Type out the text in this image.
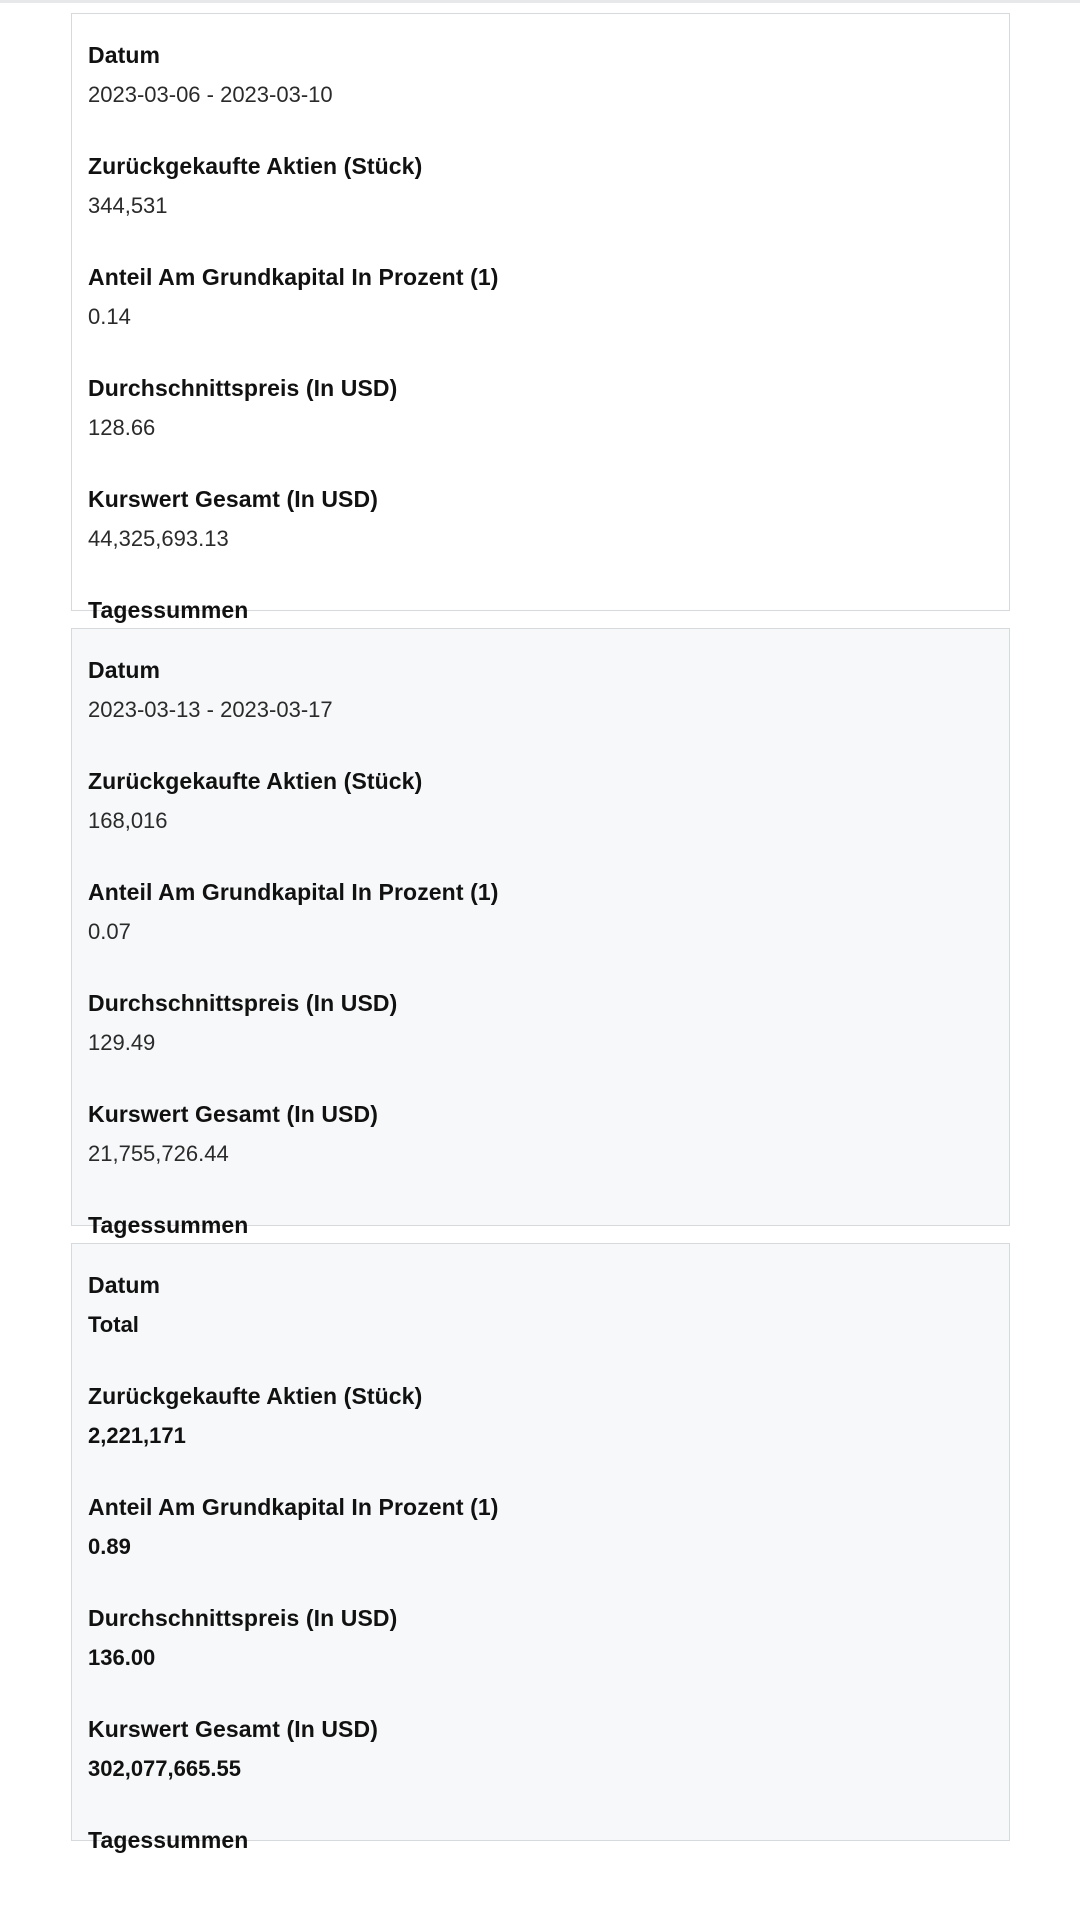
Datum
2023-03-06 - 2023-03-10
Zurückgekaufte Aktien (Stück)
344,531
Anteil Am Grundkapital In Prozent (1)
0.14
Durchschnittspreis (In USD)
128.66
Kurswert Gesamt (In USD)
44,325,693.13
Tagessummen
Datum
2023-03-13 - 2023-03-17
Zurückgekaufte Aktien (Stück)
168,016
Anteil Am Grundkapital In Prozent (1)
0.07
Durchschnittspreis (In USD)
129.49
Kurswert Gesamt (In USD)
21,755,726.44
Tagessummen
Datum
Total
Zurückgekaufte Aktien (Stück)
2,221,171
Anteil Am Grundkapital In Prozent (1)
0.89
Durchschnittspreis (In USD)
136.00
Kurswert Gesamt (In USD)
302,077,665.55
Tagessummen
